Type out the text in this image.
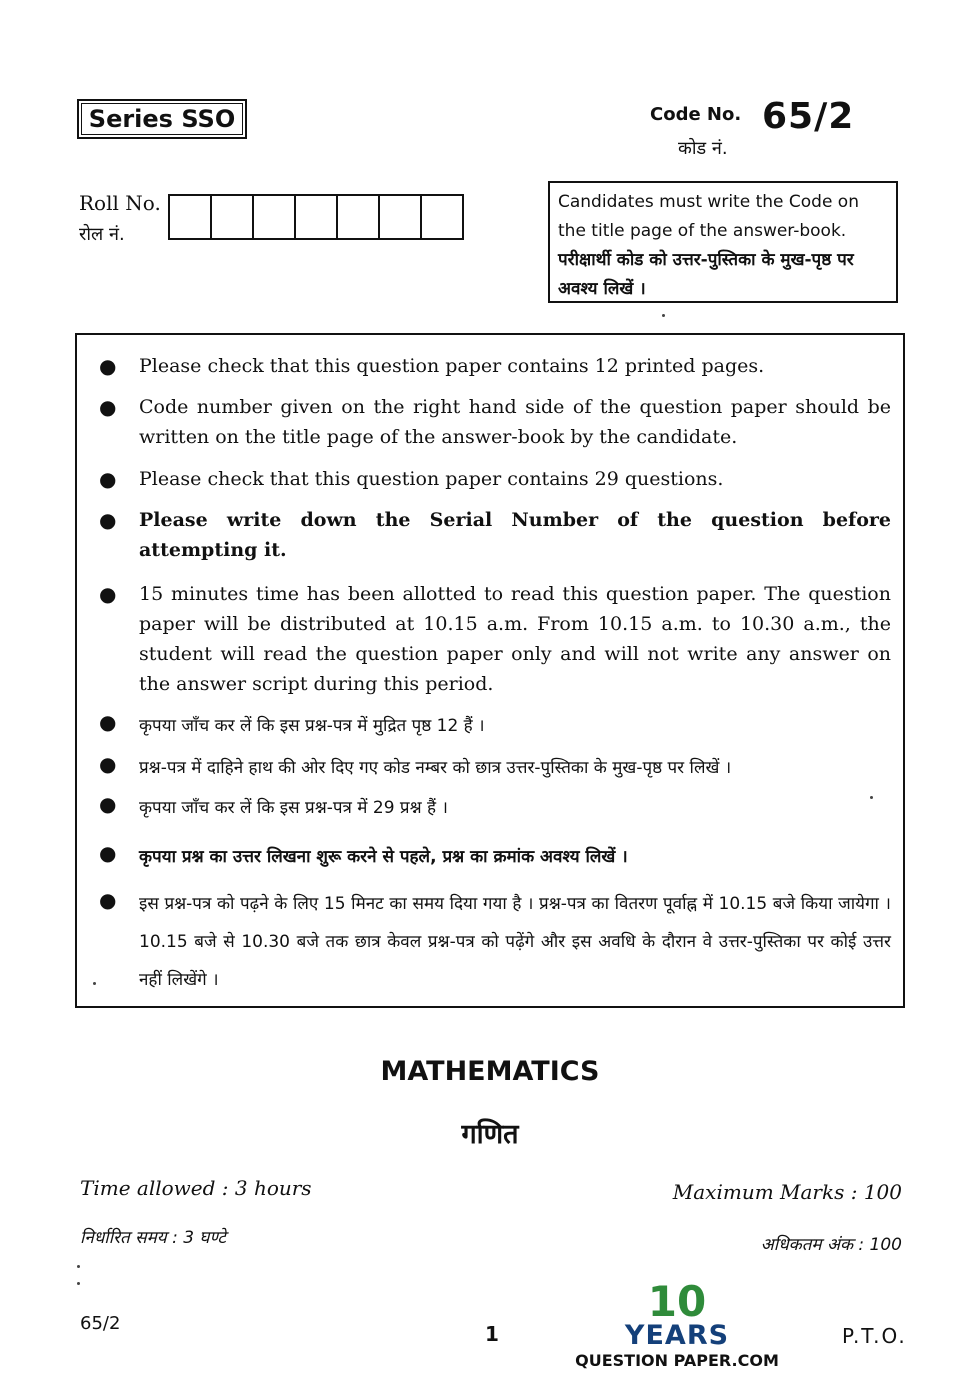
Series SSO	Code No. 65/2
कोड नं.
Roll No.
रोल नं.
Candidates must write the Code on the title page of the answer-book.
परीक्षार्थी कोड को उत्तर-पुस्तिका के मुख-पृष्ठ पर अवश्य लिखें ।
● Please check that this question paper contains 12 printed pages.
● Code number given on the right hand side of the question paper should be written on the title page of the answer-book by the candidate.
● Please check that this question paper contains 29 questions.
● Please write down the Serial Number of the question before attempting it.
● 15 minutes time has been allotted to read this question paper. The question paper will be distributed at 10.15 a.m. From 10.15 a.m. to 10.30 a.m., the student will read the question paper only and will not write any answer on the answer script during this period.
● कृपया जाँच कर लें कि इस प्रश्न-पत्र में मुद्रित पृष्ठ 12 हैं ।
● प्रश्न-पत्र में दाहिने हाथ की ओर दिए गए कोड नम्बर को छात्र उत्तर-पुस्तिका के मुख-पृष्ठ पर लिखें ।
● कृपया जाँच कर लें कि इस प्रश्न-पत्र में 29 प्रश्न हैं ।
● कृपया प्रश्न का उत्तर लिखना शुरू करने से पहले, प्रश्न का क्रमांक अवश्य लिखें ।
● इस प्रश्न-पत्र को पढ़ने के लिए 15 मिनट का समय दिया गया है । प्रश्न-पत्र का वितरण पूर्वाह्न में 10.15 बजे किया जायेगा । 10.15 बजे से 10.30 बजे तक छात्र केवल प्रश्न-पत्र को पढ़ेंगे और इस अवधि के दौरान वे उत्तर-पुस्तिका पर कोई उत्तर नहीं लिखेंगे ।
MATHEMATICS
गणित
Time allowed : 3 hours
निर्धारित समय : 3 घण्टे
Maximum Marks : 100
अधिकतम अंक : 100
65/2	1	P.T.O.
10
YEARS
QUESTION PAPER.COM
